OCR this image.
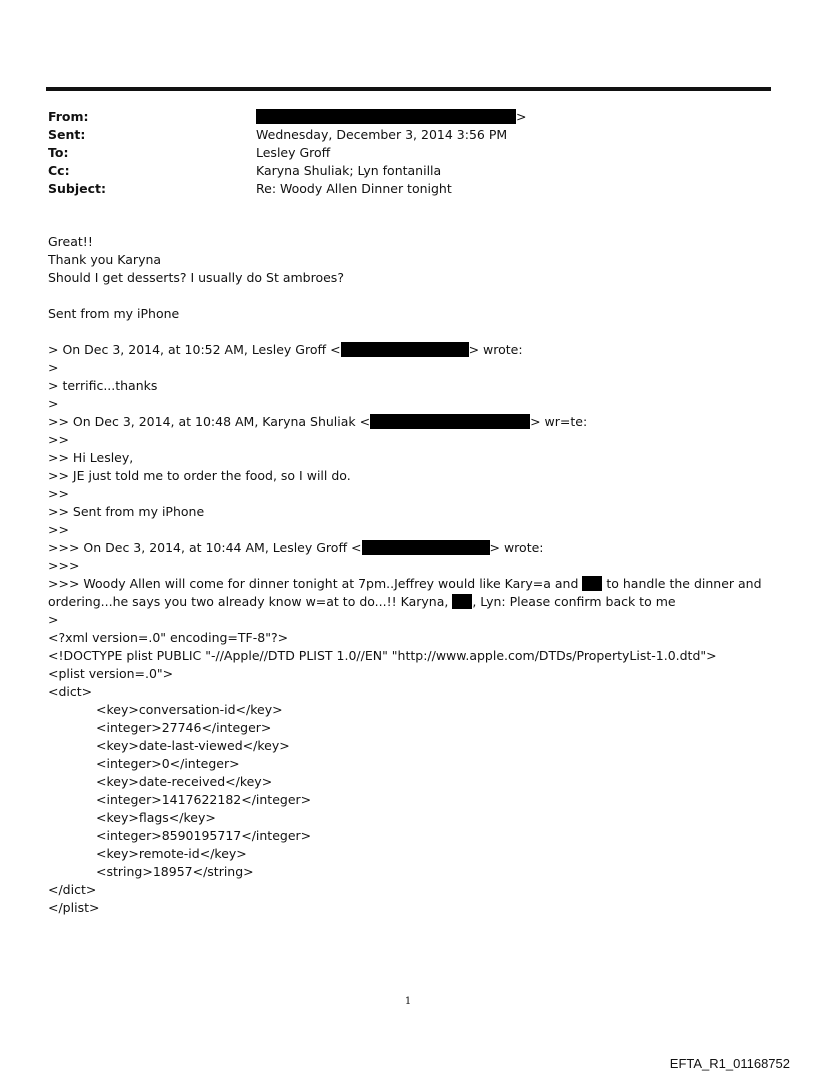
From:	>
Sent:	Wednesday, December 3, 2014 3:56 PM
To:	Lesley Groff
Cc:	Karyna Shuliak; Lyn fontanilla
Subject:	Re: Woody Allen Dinner tonight
Great!!
Thank you Karyna
Should I get desserts? I usually do St ambroes?
Sent from my iPhone
> On Dec 3, 2014, at 10:52 AM, Lesley Groff <	> wrote:
>
> terrific...thanks
>
>> On Dec 3, 2014, at 10:48 AM, Karyna Shuliak <	> wr=te:
>>
>> Hi Lesley,
>> JE just told me to order the food, so I will do.
>>
>> Sent from my iPhone
>>
>>> On Dec 3, 2014, at 10:44 AM, Lesley Groff <	> wrote:
>>>
>>> Woody Allen will come for dinner tonight at 7pm..Jeffrey would like Kary=a and  to handle the dinner and ordering...he says you two already know w=at to do...!! Karyna, , Lyn: Please confirm back to me
>
<?xml version=.0" encoding=TF-8"?>
<!DOCTYPE plist PUBLIC "-//Apple//DTD PLIST 1.0//EN" "http://www.apple.com/DTDs/PropertyList-1.0.dtd">
<plist version=.0">
<dict>
<key>conversation-id</key>
<integer>27746</integer>
<key>date-last-viewed</key>
<integer>0</integer>
<key>date-received</key>
<integer>1417622182</integer>
<key>flags</key>
<integer>8590195717</integer>
<key>remote-id</key>
<string>18957</string>
</dict>
</plist>
1
EFTA_R1_01168752
